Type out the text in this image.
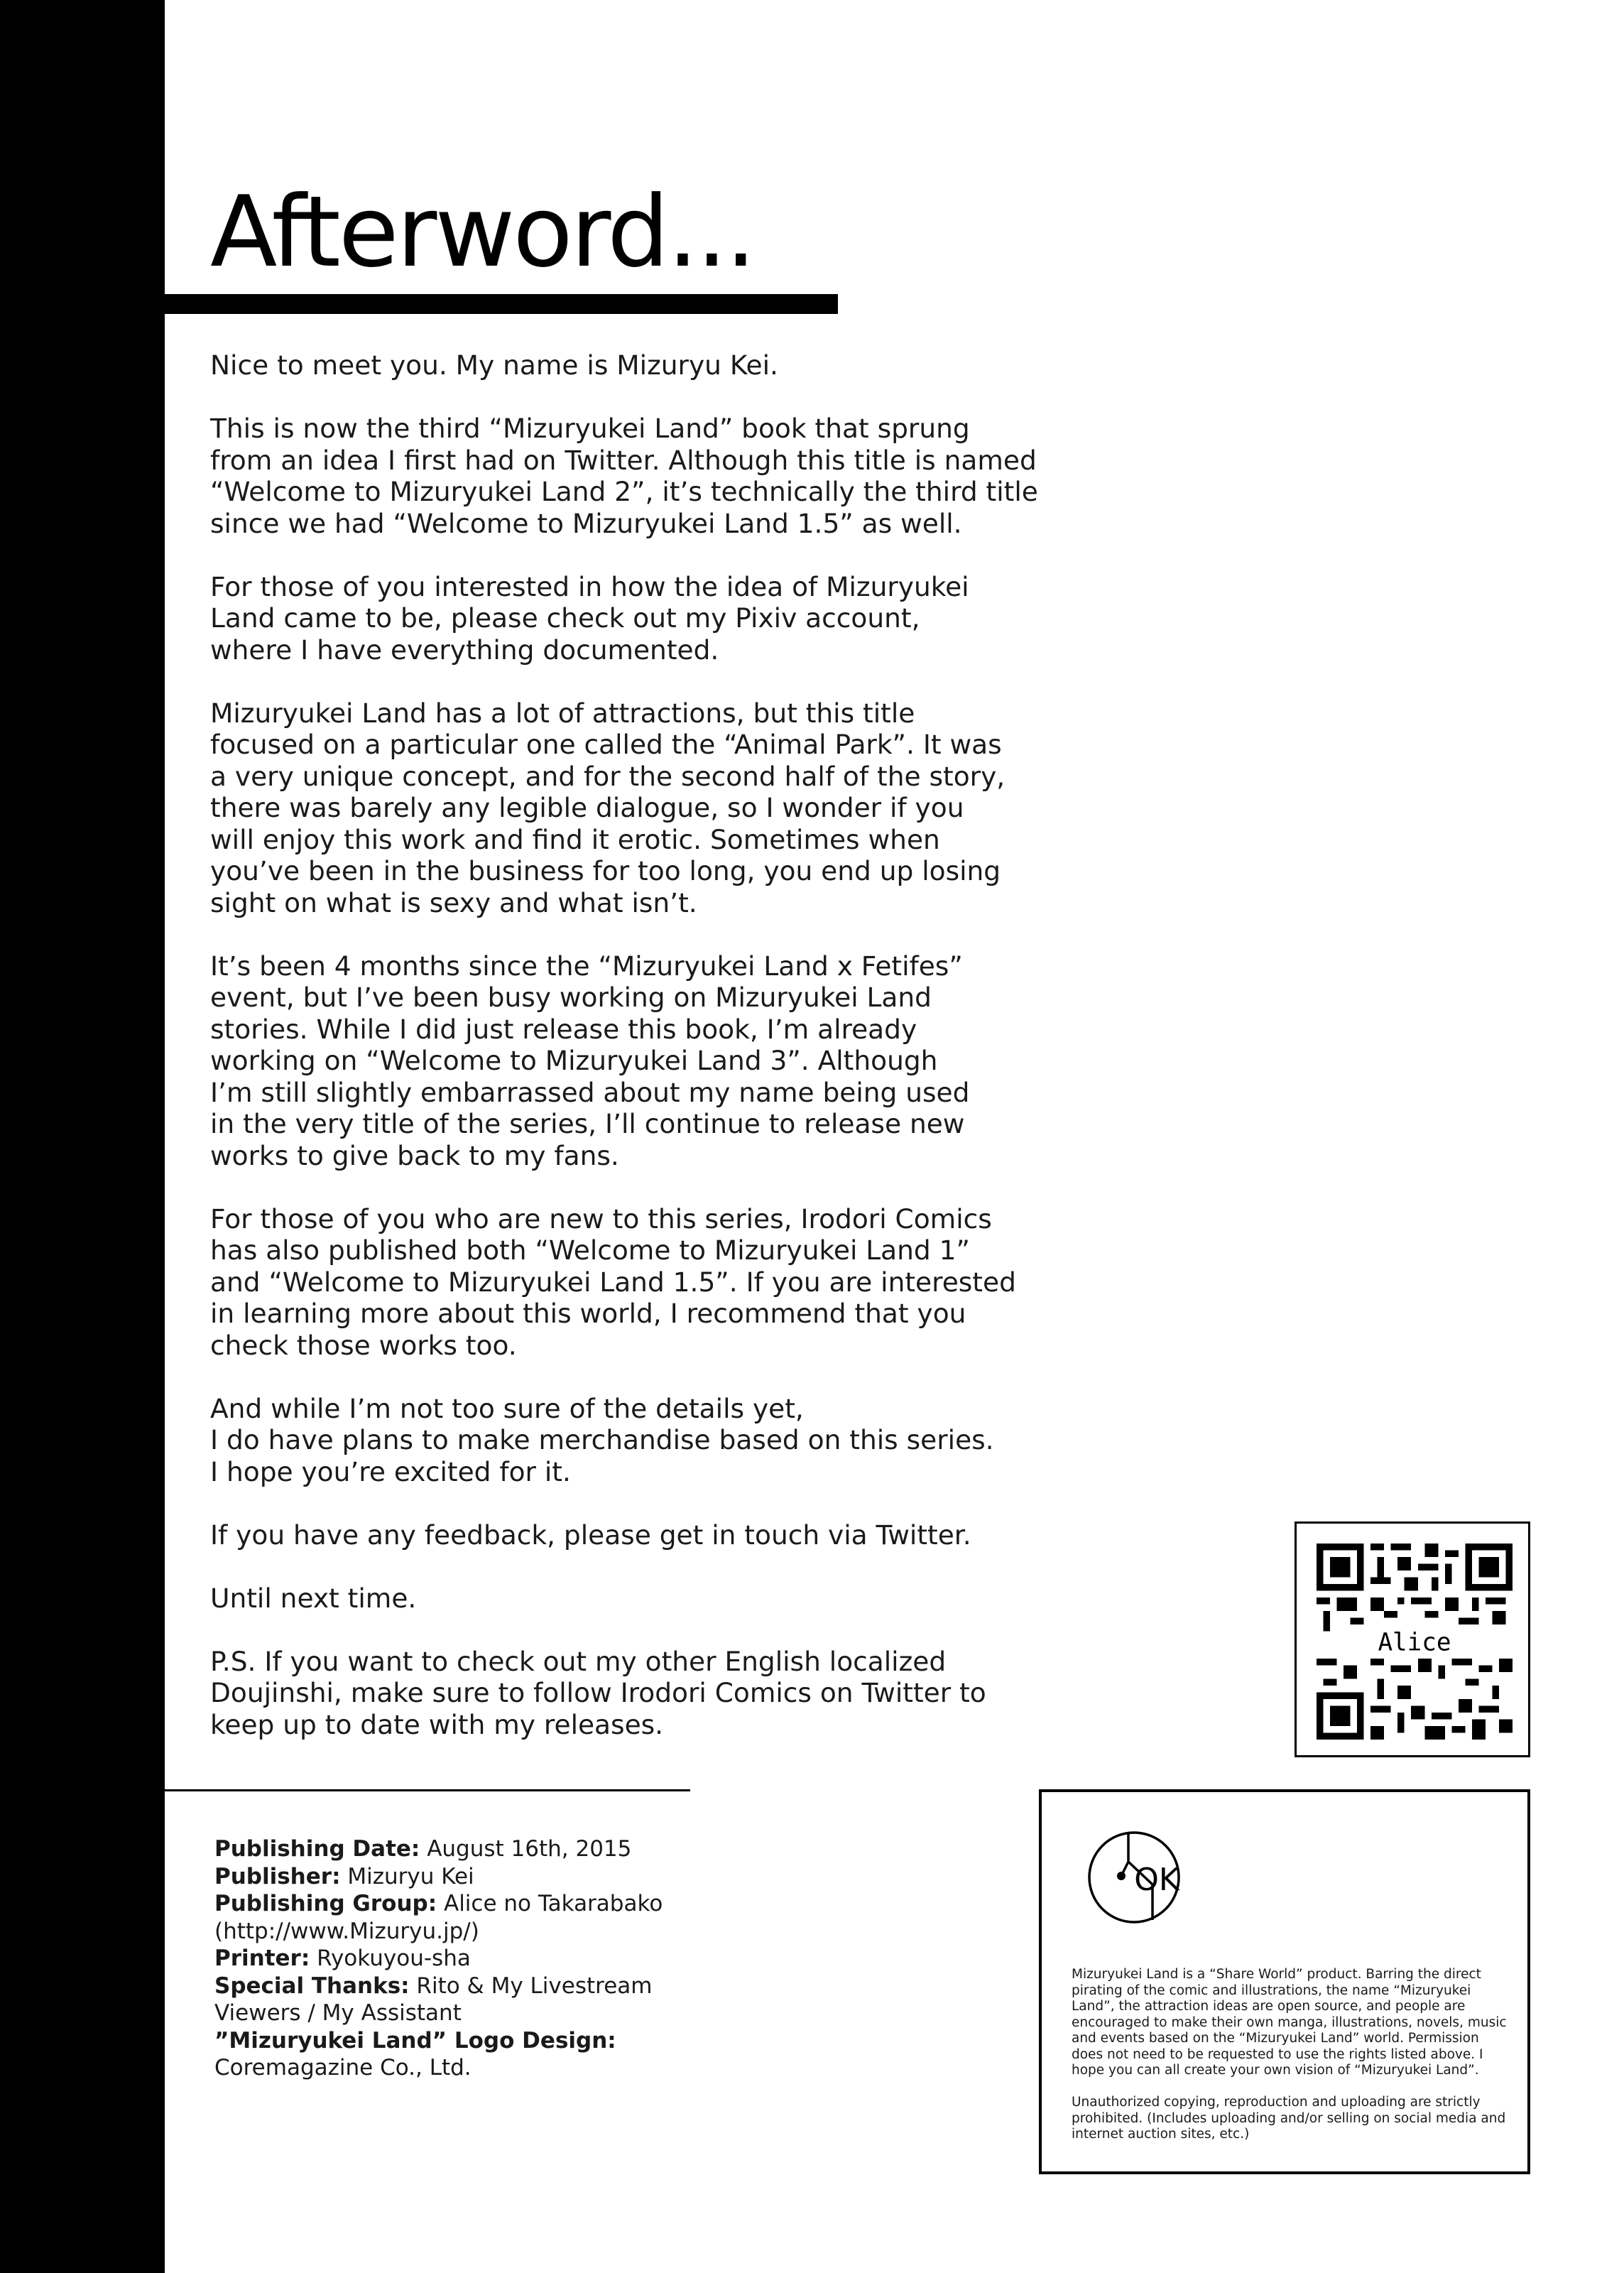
Afterword...

Nice to meet you. My name is Mizuryu Kei.

This is now the third “Mizuryukei Land” book that sprung
from an idea I first had on Twitter. Although this title is named
“Welcome to Mizuryukei Land 2”, it’s technically the third title
since we had “Welcome to Mizuryukei Land 1.5” as well.

For those of you interested in how the idea of Mizuryukei
Land came to be, please check out my Pixiv account,
where I have everything documented.

Mizuryukei Land has a lot of attractions, but this title
focused on a particular one called the “Animal Park”. It was
a very unique concept, and for the second half of the story,
there was barely any legible dialogue, so I wonder if you
will enjoy this work and find it erotic. Sometimes when
you’ve been in the business for too long, you end up losing
sight on what is sexy and what isn’t.

It’s been 4 months since the “Mizuryukei Land x Fetifes”
event, but I’ve been busy working on Mizuryukei Land
stories. While I did just release this book, I’m already
working on “Welcome to Mizuryukei Land 3”. Although
I’m still slightly embarrassed about my name being used
in the very title of the series, I’ll continue to release new
works to give back to my fans.

For those of you who are new to this series, Irodori Comics
has also published both “Welcome to Mizuryukei Land 1”
and “Welcome to Mizuryukei Land 1.5”. If you are interested
in learning more about this world, I recommend that you
check those works too.

And while I’m not too sure of the details yet,
I do have plans to make merchandise based on this series.
I hope you’re excited for it.

If you have any feedback, please get in touch via Twitter.

Until next time.

P.S. If you want to check out my other English localized
Doujinshi, make sure to follow Irodori Comics on Twitter to
keep up to date with my releases.

Alice
Publishing Date: August 16th, 2015
Publisher: Mizuryu Kei
Publishing Group: Alice no Takarabako
(http://www.Mizuryu.jp/)
Printer: Ryokuyou-sha
Special Thanks: Rito & My Livestream
Viewers / My Assistant
”Mizuryukei Land” Logo Design:
Coremagazine Co., Ltd.
OK

Mizuryukei Land is a “Share World” product. Barring the direct pirating of the comic and illustrations, the name “Mizuryukei Land”, the attraction ideas are open source, and people are encouraged to make their own manga, illustrations, novels, music and events based on the “Mizuryukei Land” world. Permission does not need to be requested to use the rights listed above. I hope you can all create your own vision of “Mizuryukei Land”.

Unauthorized copying, reproduction and uploading are strictly prohibited. (Includes uploading and/or selling on social media and internet auction sites, etc.)
